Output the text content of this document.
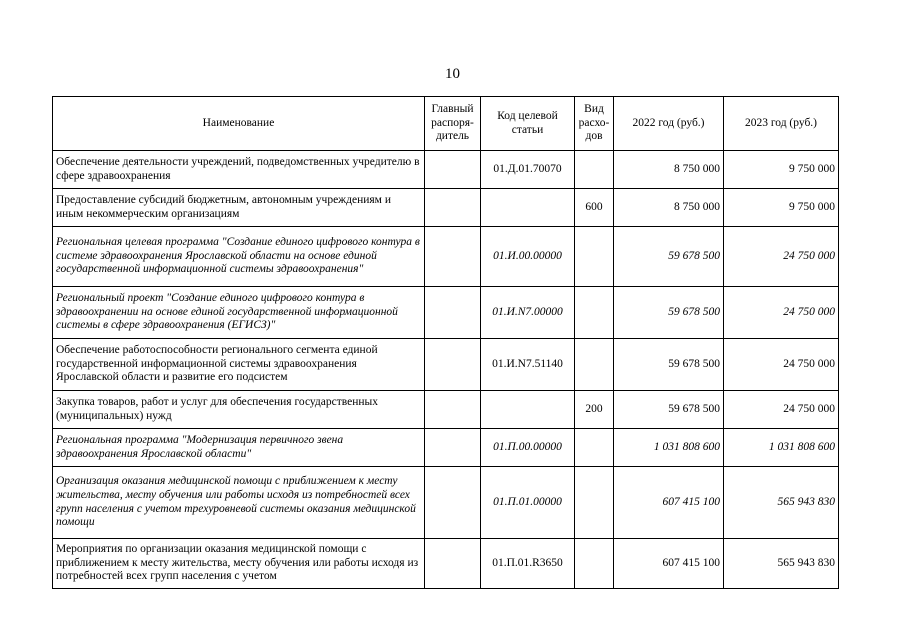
10
Наименование	Главный распоря-дитель	Код целевой статьи	Вид расхо-дов	2022 год (руб.)	2023 год (руб.)
Обеспечение деятельности учреждений, подведомственных учредителю в сфере здравоохранения		01.Д.01.70070		8 750 000	9 750 000
Предоставление субсидий бюджетным, автономным учреждениям и иным некоммерческим организациям			600	8 750 000	9 750 000
Региональная целевая программа "Создание единого цифрового контура в системе здравоохранения Ярославской области на основе единой государственной информационной системы здравоохранения"		01.И.00.00000		59 678 500	24 750 000
Региональный проект "Создание единого цифрового контура в здравоохранении на основе единой государственной информационной системы в сфере здравоохранения (ЕГИСЗ)"		01.И.N7.00000		59 678 500	24 750 000
Обеспечение работоспособности регионального сегмента единой государственной информационной системы здравоохранения Ярославской области и развитие его подсистем		01.И.N7.51140		59 678 500	24 750 000
Закупка товаров, работ и услуг для обеспечения государственных (муниципальных) нужд			200	59 678 500	24 750 000
Региональная программа "Модернизация первичного звена здравоохранения Ярославской области"		01.П.00.00000		1 031 808 600	1 031 808 600
Организация оказания медицинской помощи с приближением к месту жительства, месту обучения или работы исходя из потребностей всех групп населения с учетом трехуровневой системы оказания медицинской помощи		01.П.01.00000		607 415 100	565 943 830
Мероприятия по организации оказания медицинской помощи с приближением к месту жительства, месту обучения или работы исходя из потребностей всех групп населения с учетом		01.П.01.R3650		607 415 100	565 943 830
